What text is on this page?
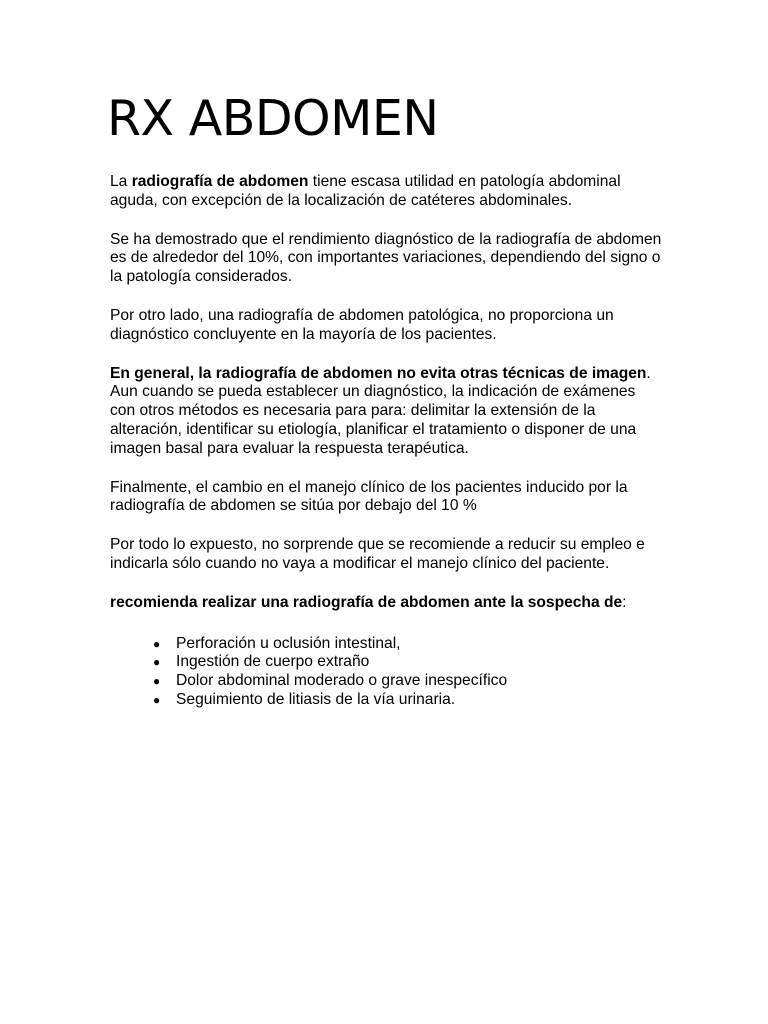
RX ABDOMEN

La radiografía de abdomen tiene escasa utilidad en patología abdominal aguda, con excepción de la localización de catéteres abdominales.

Se ha demostrado que el rendimiento diagnóstico de la radiografía de abdomen es de alrededor del 10%, con importantes variaciones, dependiendo del signo o la patología considerados.

Por otro lado, una radiografía de abdomen patológica, no proporciona un diagnóstico concluyente en la mayoría de los pacientes.

En general, la radiografía de abdomen no evita otras técnicas de imagen. Aun cuando se pueda establecer un diagnóstico, la indicación de exámenes con otros métodos es necesaria para para: delimitar la extensión de la alteración, identificar su etiología, planificar el tratamiento o disponer de una imagen basal para evaluar la respuesta terapéutica.

Finalmente, el cambio en el manejo clínico de los pacientes inducido por la radiografía de abdomen se sitúa por debajo del 10 %

Por todo lo expuesto, no sorprende que se recomiende a reducir su empleo e indicarla sólo cuando no vaya a modificar el manejo clínico del paciente.

recomienda realizar una radiografía de abdomen ante la sospecha de:

● Perforación u oclusión intestinal,
● Ingestión de cuerpo extraño
● Dolor abdominal moderado o grave inespecífico
● Seguimiento de litiasis de la vía urinaria.
